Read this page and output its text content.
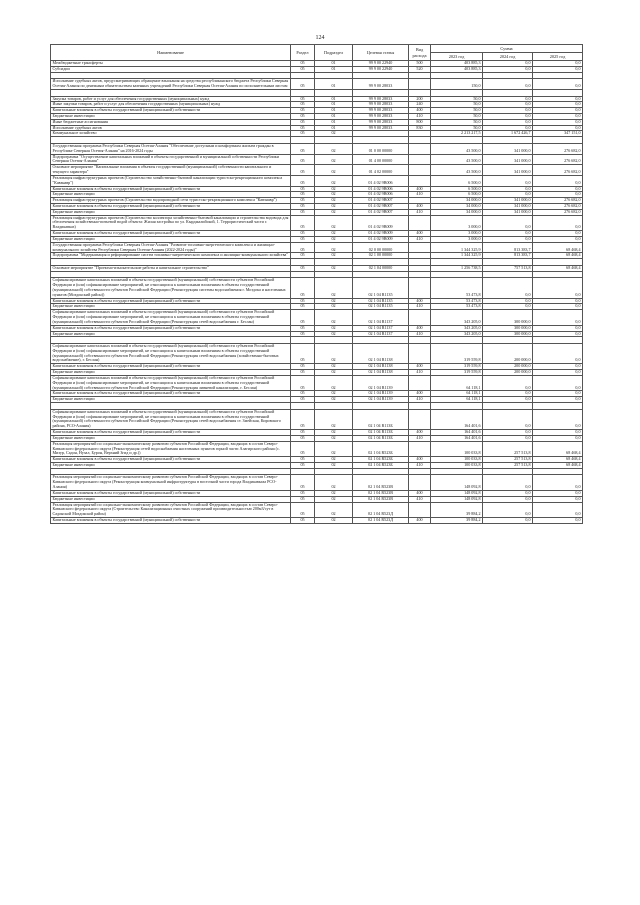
124
Наименование	Раздел	Подраздел	Целевая статья	Вид расхода	Сумма		
					2023 год	2024 год	2025 год
Межбюджетные трансферты	05	01	99 9 00 22940	500	403 885,3	0,0	0,0
Субсидии	05	01	99 9 00 22940	520	403 885,3	0,0	0,0

Исполнение судебных актов, предусматривающих обращение взыскания на средства республиканского бюджета Республики Северная Осетия-Алания по денежным обязательствам казенных учреждений Республики Северная Осетия-Алания по исполнительным листам	05	01	99 9 00 28033		150,0	0,0	0,0

Закупка товаров, работ и услуг для обеспечения государственных (муниципальных) нужд	05	01	99 9 00 28033	200	50,0	0,0	0,0
Иные закупки товаров, работ и услуг для обеспечения государственных (муниципальных) нужд	05	01	99 9 00 28033	240	50,0	0,0	0,0
Капитальные вложения в объекты государственной (муниципальной) собственности	05	01	99 9 00 28033	400	50,0	0,0	0,0
Бюджетные инвестиции	05	01	99 9 00 28033	410	50,0	0,0	0,0
Иные бюджетные ассигнования	05	01	99 9 00 28033	800	50,0	0,0	0,0
Исполнение судебных актов	05	01	99 9 00 28033	830	50,0	0,0	0,0
Коммунальное хозяйство	05	02			2 213 217,5	1 672 426,7	347 151,0

Государственная программа Республики Северная Осетия-Алания "Обеспечение доступным и комфортным жильем граждан в Республике Северная Осетия-Алания" на 2016-2024 годы	05	02	01 0 00 00000		43 500,0	341 000,0	276 682,0
Подпрограмма "Осуществление капитальных вложений в объекты государственной и муниципальной собственности Республики Северная Осетия-Алания"	05	02	01 4 00 00000		43 500,0	341 000,0	276 682,0
Основное мероприятие "Капитальные вложения в объекты государственной (муниципальной) собственности капитального и текущего характера"	05	02	01 4 02 00000		43 500,0	341 000,0	276 682,0
Реализация инфраструктурных проектов (Строительство хозяйственно-бытовой канализации туристско-рекреационного комплекса "Кавзнавр")	05	02	01 4 02 9В006		6 500,0	0,0	0,0
Капитальные вложения в объекты государственной (муниципальной) собственности	05	02	01 4 02 9В006	400	6 500,0	0,0	0,0
Бюджетные инвестиции	05	02	01 4 02 9В006	410	6 500,0	0,0	0,0
Реализация инфраструктурных проектов (Строительство водопроводной сети туристско-рекреационного комплекса "Кавзнавр")	05	02	01 4 02 9В007		34 000,0	341 000,0	276 682,0
Капитальные вложения в объекты государственной (муниципальной) собственности	05	02	01 4 02 9В007	400	34 000,0	341 000,0	276 682,0
Бюджетные инвестиции	05	02	01 4 02 9В007	410	34 000,0	341 000,0	276 682,0
Реализация инфраструктурных проектов (Строительство коллектора хозяйственно-бытовой канализации и строительства водовода для обеспечения хозяйственно-питьевой водой объекта: Жилая застройка по ул. Кырджалийской, 1. Террористический части г. Владикавказ)	05	02	01 4 02 9В009		3 000,0	0,0	0,0
Капитальные вложения в объекты государственной (муниципальной) собственности	05	02	01 4 02 9В009	400	3 000,0	0,0	0,0
Бюджетные инвестиции	05	02	01 4 02 9В009	410	3 000,0	0,0	0,0
Государственная программа Республики Северная Осетия-Алания "Развитие топливно-энергетического комплекса и жилищно-коммунального хозяйства Республики Северная Осетия-Алания (2022-2024 годы)"	05	02	02 0 00 00000		1 344 325,9	813 383,7	68 468,4
Подпрограмма "Модернизация и реформирование систем топливно-энергетического комплекса и жилищно-коммунального хозяйства"	05	02	02 1 00 00000		1 344 325,9	813 383,7	68 468,4

Основное мероприятие "Проектно-изыскательские работы и капитальное строительство"	05	02	02 1 04 00000		1 256 738,5	757 513,8	68 468,4

Софинансирование капитальных вложений в объекты государственной (муниципальной) собственности субъектов Российской Федерации и (или) софинансирование мероприятий, не относящихся к капитальным вложениям в объекты государственной (муниципальной) собственности субъектов Российской Федерации (Реконструкция системы водоснабжения г. Моздока и населенных пунктов (Моздокский район))	05	02	02 1 04 R1135		53 473,8	0,0	0,0
Капитальные вложения в объекты государственной (муниципальной) собственности	05	02	02 1 04 R1135	400	53 473,8	0,0	0,0
Бюджетные инвестиции	05	02	02 1 04 R1135	410	53 473,8	0,0	0,0
Софинансирование капитальных вложений в объекты государственной (муниципальной) собственности субъектов Российской Федерации и (или) софинансирование мероприятий, не относящихся к капитальным вложениям в объекты государственной (муниципальной) собственности субъектов Российской Федерации (Реконструкция сетей водоснабжения г. Беслан)	05	02	02 1 04 R1137		343 205,0	300 000,0	0,0
Капитальные вложения в объекты государственной (муниципальной) собственности	05	02	02 1 04 R1137	400	343 205,0	300 000,0	0,0
Бюджетные инвестиции	05	02	02 1 04 R1137	410	343 205,0	300 000,0	0,0

Софинансирование капитальных вложений в объекты государственной (муниципальной) собственности субъектов Российской Федерации и (или) софинансирование мероприятий, не относящихся к капитальным вложениям в объекты государственной (муниципальной) собственности субъектов Российской Федерации (Реконструкция сетей водоснабжения (хозяйственно-бытовых водоснабжение), г. Беслан)	05	02	02 1 04 R1138		319 559,8	200 000,0	0,0
Капитальные вложения в объекты государственной (муниципальной) собственности	05	02	02 1 04 R1138	400	319 559,8	200 000,0	0,0
Бюджетные инвестиции	05	02	02 1 04 R1138	410	319 559,8	200 000,0	0,0
Софинансирование капитальных вложений в объекты государственной (муниципальной) собственности субъектов Российской Федерации и (или) софинансирование мероприятий, не относящихся к капитальным вложениям в объекты государственной (муниципальной) собственности субъектов Российской Федерации (Реконструкция ливневой канализации, г. Беслан)	05	02	02 1 04 R1139		64 118,1	0,0	0,0
Капитальные вложения в объекты государственной (муниципальной) собственности	05	02	02 1 04 R1139	400	64 118,1	0,0	0,0
Бюджетные инвестиции	05	02	02 1 04 R1139	410	64 118,1	0,0	0,0

Софинансирование капитальных вложений в объекты государственной (муниципальной) собственности субъектов Российской Федерации и (или) софинансирование мероприятий, не относящихся к капитальным вложениям в объекты государственной (муниципальной) собственности субъектов Российской Федерации (Реконструкция сетей водоснабжения ст. Змейская, Кировского района, РСО-Алания)	05	02	02 1 04 R113Б		164 401,6	0,0	0,0
Капитальные вложения в объекты государственной (муниципальной) собственности	05	02	02 1 04 R113Б	400	164 401,6	0,0	0,0
Бюджетные инвестиции	05	02	02 1 04 R113Б	410	164 401,6	0,0	0,0
Реализация мероприятий по социально-экономическому развитию субъектов Российской Федерации, входящих в состав Северо-Кавказского федерального округа (Реконструкция сетей водоснабжения населенных пунктов горной части Алагирского района (с. Мизур, Садон, Нузал, Бурон, Верхний Згид и др.))	05	02	02 1 04 R523Б		100 033,8	257 513,8	68 468,4
Капитальные вложения в объекты государственной (муниципальной) собственности	05	02	02 1 04 R523Б	400	100 033,8	257 513,8	68 468,4
Бюджетные инвестиции	05	02	02 1 04 R523Б	410	100 033,8	257 513,8	68 468,4

Реализация мероприятий по социально-экономическому развитию субъектов Российской Федерации, входящих в состав Северо-Кавказского федерального округа (Реконструкция коммунальной инфраструктуры в восточной части города Владикавказа РСО-Алания)	05	02	02 1 04 R523В		148 092,8	0,0	0,0
Капитальные вложения в объекты государственной (муниципальной) собственности	05	02	02 1 04 R523В	400	148 092,8	0,0	0,0
Бюджетные инвестиции	05	02	02 1 04 R523В	410	148 092,8	0,0	0,0
Реализация мероприятий по социально-экономическому развитию субъектов Российской Федерации, входящих в состав Северо-Кавказского федерального округа (Строительство Канализационных очистных сооружений производительностью 200м3/сут в Садонской Моздокской район)	05	02	02 1 04 R523Д		39 884,2	0,0	0,0
Капитальные вложения в объекты государственной (муниципальной) собственности	05	02	02 1 04 R523Д	400	39 884,2	0,0	0,0
